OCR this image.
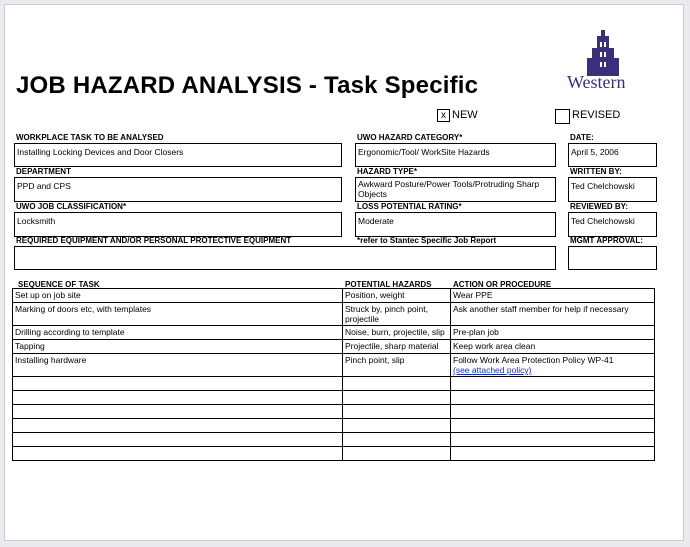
JOB HAZARD ANALYSIS - Task Specific	Western
x NEW	REVISED
WORKPLACE TASK TO BE ANALYSED
Installing Locking Devices and Door Closers
UWO HAZARD CATEGORY*
Ergonomic/Tool/ WorkSite Hazards
DATE:
April 5, 2006
DEPARTMENT
PPD and CPS
HAZARD TYPE*
Awkward Posture/Power Tools/Protruding Sharp Objects
WRITTEN BY:
Ted Chelchowski
UWO JOB CLASSIFICATION*
Locksmith
LOSS POTENTIAL RATING*
Moderate
REVIEWED BY:
Ted Chelchowski
REQUIRED EQUIPMENT AND/OR PERSONAL PROTECTIVE EQUIPMENT	*refer to Stantec Specific Job Report	MGMT APPROVAL:
SEQUENCE OF TASK	POTENTIAL HAZARDS	ACTION OR PROCEDURE
Set up on job site	Position, weight	Wear PPE

Marking of doors etc, with templates	Struck by, pinch point, projectile	Ask another staff member for help if necessary

Drilling according to template	Noise, burn, projectile, slip	Pre-plan job

Tapping	Projectile, sharp material	Keep work area clean

Installing hardware	Pinch point, slip	Follow Work Area Protection Policy WP-41
(see attached policy)
